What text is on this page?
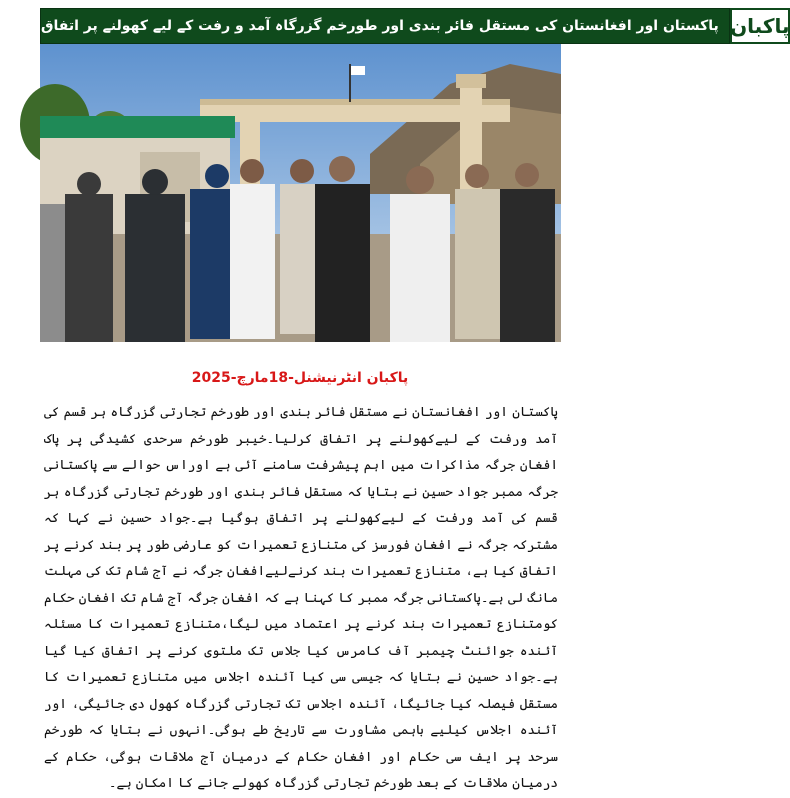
پاکستان اور افغانستان کی مستقل فائر بندی اور طورخم گزرگاہ آمد و رفت کے لیے کھولنے پر اتفاق پاکبان
پاکبان انٹرنیشنل-18مارچ-2025
پاکستان اور افغانستان نے مستقل فائر بندی اور طورخم تجارتی گزرگاہ ہر قسم کی آمد ورفت کے لیےکھولنے پر اتفاق کرلیا۔خیبر طورخم سرحدی کشیدگی پر پاک افغان جرگہ مذاکرات میں اہم پیشرفت سامنے آئی ہے اوراس حوالے سے پاکستانی جرگہ ممبر جواد حسین نے بتایا کہ مستقل فائر بندی اور طورخم تجارتی گزرگاہ ہر قسم کی آمد ورفت کے لیےکھولنے پر اتفاق ہوگیا ہے۔جواد حسین نے کہا کہ مشترکہ جرگہ نے افغان فورسز کی متنازع تعمیرات کو عارضی طور پر بند کرنے پر اتفاق کیا ہے، متنازع تعمیرات بند کرنےلیےافغان جرگہ نے آج شام تک کی مہلت مانگ لی ہے۔پاکستانی جرگہ ممبر کا کہنا ہے کہ افغان جرگہ آج شام تک افغان حکام کومتنازع تعمیرات بند کرنے پر اعتماد میں لیگا،متنازع تعمیرات کا مسئلہ آئندہ جوائنٹ چیمبر آف کامرس کیا جلاس تک ملتوی کرنے پر اتفاق کیا گیا ہے۔جواد حسین نے بتایا کہ جیسی سی کیا آئندہ اجلاس میں متنازع تعمیرات کا مستقل فیصلہ کیا جائیگا، آئندہ اجلاس تک تجارتی گزرگاہ کھول دی جائیگی، اور آئندہ اجلاس کیلیے باہمی مشاورت سے تاریخ طے ہوگی۔انہوں نے بتایا کہ طورخم سرحد پر ایف سی حکام اور افغان حکام کے درمیان آج ملاقات ہوگی، حکام کے درمیان ملاقات کے بعد طورخم تجارتی گزرگاہ کھولے جانے کا امکان ہے۔
